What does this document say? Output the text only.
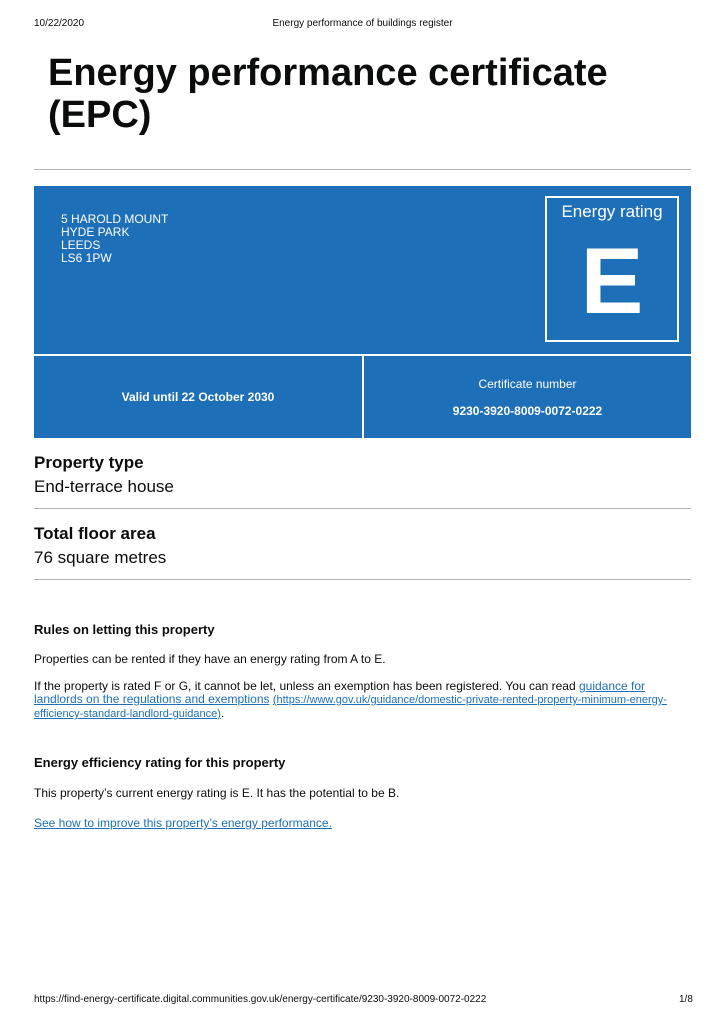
10/22/2020	Energy performance of buildings register
Energy performance certificate (EPC)
5 HAROLD MOUNT
HYDE PARK
LEEDS
LS6 1PW
Energy rating
E
Valid until 22 October 2030
Certificate number
9230-3920-8009-0072-0222
Property type
End-terrace house
Total floor area
76 square metres
Rules on letting this property
Properties can be rented if they have an energy rating from A to E.
If the property is rated F or G, it cannot be let, unless an exemption has been registered. You can read guidance for landlords on the regulations and exemptions (https://www.gov.uk/guidance/domestic-private-rented-property-minimum-energy-efficiency-standard-landlord-guidance).
Energy efficiency rating for this property
This property’s current energy rating is E. It has the potential to be B.
See how to improve this property’s energy performance.
https://find-energy-certificate.digital.communities.gov.uk/energy-certificate/9230-3920-8009-0072-0222	1/8
